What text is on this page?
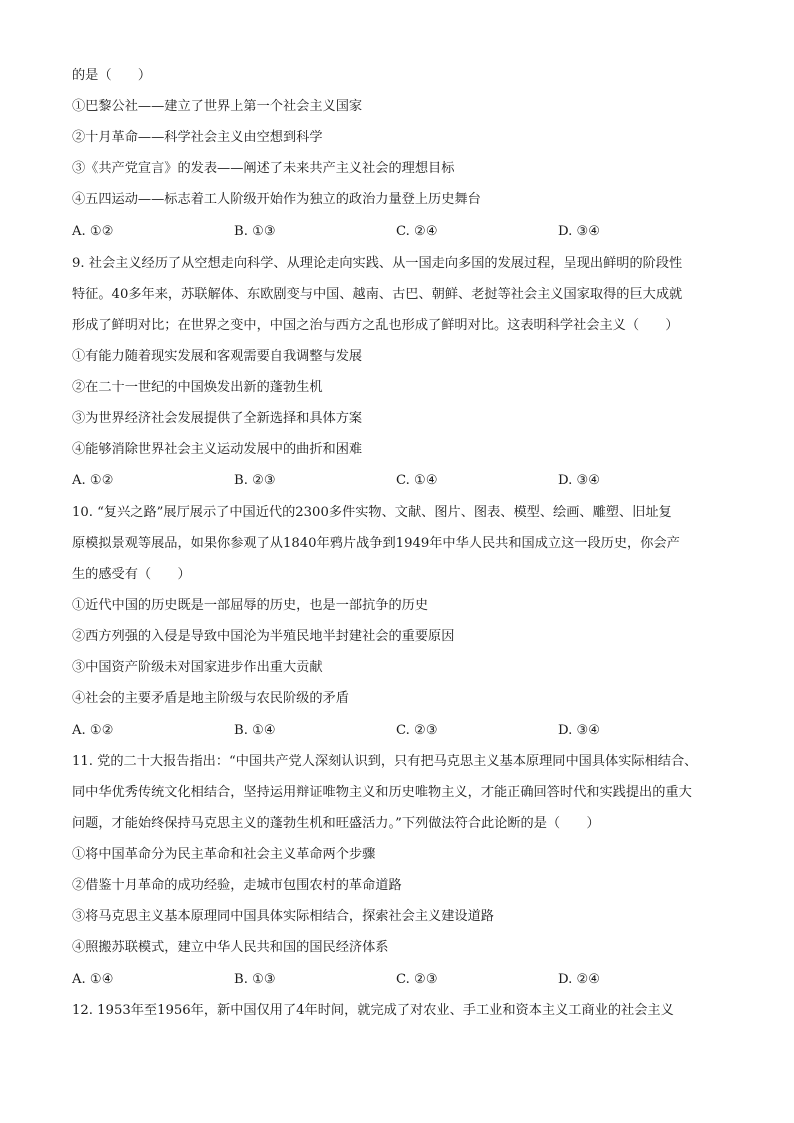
的是（　　）
①巴黎公社——建立了世界上第一个社会主义国家
②十月革命——科学社会主义由空想到科学
③《共产党宣言》的发表——阐述了未来共产主义社会的理想目标
④五四运动——标志着工人阶级开始作为独立的政治力量登上历史舞台
A. ①②	B. ①③	C. ②④	D. ③④
9. 社会主义经历了从空想走向科学、从理论走向实践、从一国走向多国的发展过程，呈现出鲜明的阶段性
特征。40多年来，苏联解体、东欧剧变与中国、越南、古巴、朝鲜、老挝等社会主义国家取得的巨大成就
形成了鲜明对比；在世界之变中，中国之治与西方之乱也形成了鲜明对比。这表明科学社会主义（　　）
①有能力随着现实发展和客观需要自我调整与发展
②在二十一世纪的中国焕发出新的蓬勃生机
③为世界经济社会发展提供了全新选择和具体方案
④能够消除世界社会主义运动发展中的曲折和困难
A. ①②	B. ②③	C. ①④	D. ③④
10. “复兴之路”展厅展示了中国近代的2300多件实物、文献、图片、图表、模型、绘画、雕塑、旧址复
原模拟景观等展品，如果你参观了从1840年鸦片战争到1949年中华人民共和国成立这一段历史，你会产
生的感受有（　　）
①近代中国的历史既是一部屈辱的历史，也是一部抗争的历史
②西方列强的入侵是导致中国沦为半殖民地半封建社会的重要原因
③中国资产阶级未对国家进步作出重大贡献
④社会的主要矛盾是地主阶级与农民阶级的矛盾
A. ①②	B. ①④	C. ②③	D. ③④
11. 党的二十大报告指出：“中国共产党人深刻认识到，只有把马克思主义基本原理同中国具体实际相结合、
同中华优秀传统文化相结合，坚持运用辩证唯物主义和历史唯物主义，才能正确回答时代和实践提出的重大
问题，才能始终保持马克思主义的蓬勃生机和旺盛活力。”下列做法符合此论断的是（　　）
①将中国革命分为民主革命和社会主义革命两个步骤
②借鉴十月革命的成功经验，走城市包围农村的革命道路
③将马克思主义基本原理同中国具体实际相结合，探索社会主义建设道路
④照搬苏联模式，建立中华人民共和国的国民经济体系
A. ①④	B. ①③	C. ②③	D. ②④
12. 1953年至1956年，新中国仅用了4年时间，就完成了对农业、手工业和资本主义工商业的社会主义
